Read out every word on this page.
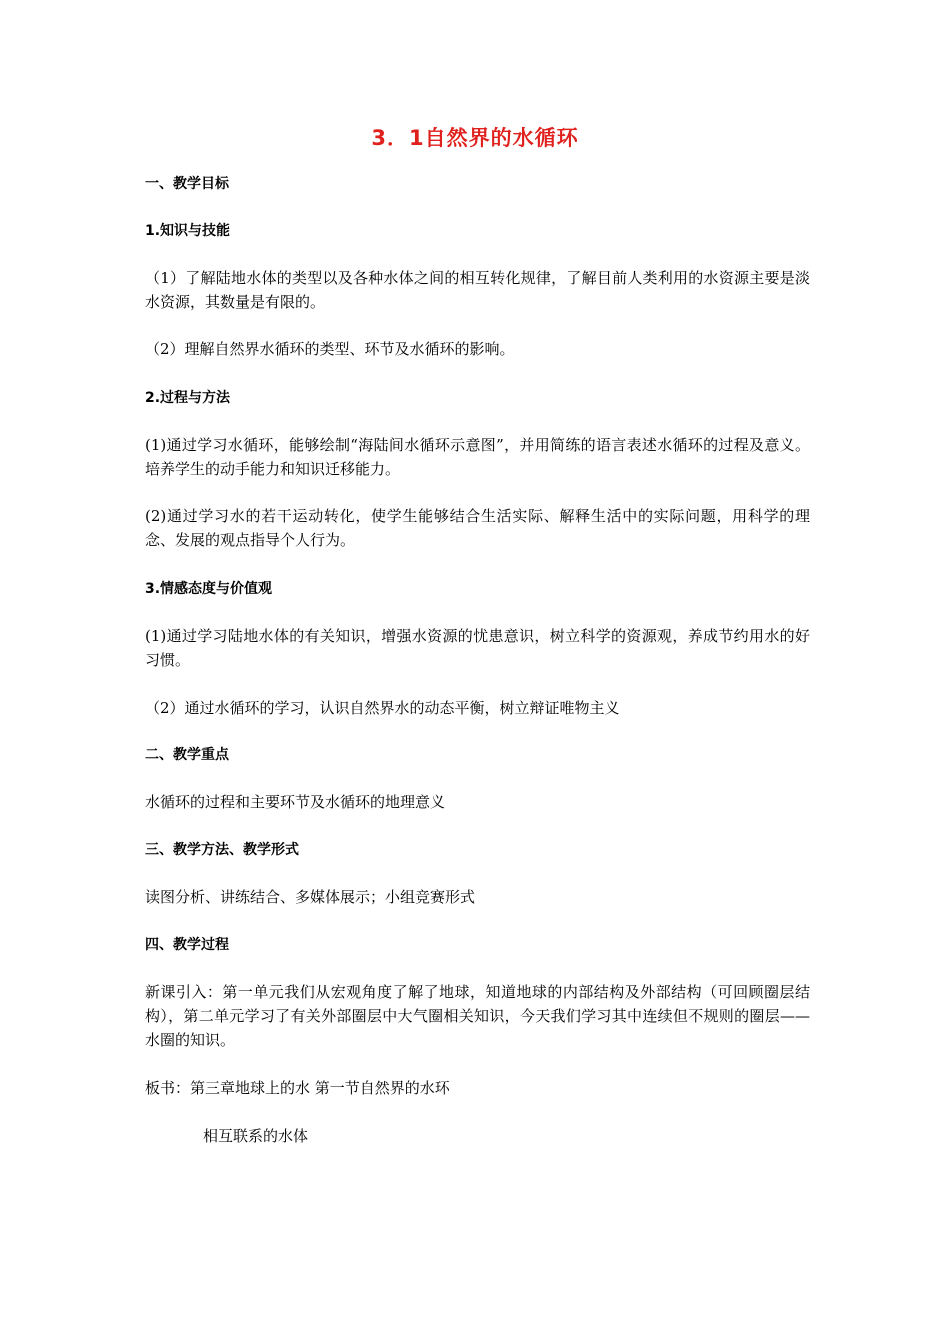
3．1自然界的水循环
一、教学目标
1.知识与技能
（1）了解陆地水体的类型以及各种水体之间的相互转化规律，了解目前人类利用的水资源主要是淡水资源，其数量是有限的。
（2）理解自然界水循环的类型、环节及水循环的影响。
2.过程与方法
(1)通过学习水循环，能够绘制“海陆间水循环示意图”，并用简练的语言表述水循环的过程及意义。培养学生的动手能力和知识迁移能力。
(2)通过学习水的若干运动转化，使学生能够结合生活实际、解释生活中的实际问题，用科学的理念、发展的观点指导个人行为。
3.情感态度与价值观
(1)通过学习陆地水体的有关知识，增强水资源的忧患意识，树立科学的资源观，养成节约用水的好习惯。
（2）通过水循环的学习，认识自然界水的动态平衡，树立辩证唯物主义
二、教学重点
水循环的过程和主要环节及水循环的地理意义
三、教学方法、教学形式
读图分析、讲练结合、多媒体展示；小组竞赛形式
四、教学过程
新课引入：第一单元我们从宏观角度了解了地球，知道地球的内部结构及外部结构（可回顾圈层结构），第二单元学习了有关外部圈层中大气圈相关知识，今天我们学习其中连续但不规则的圈层——水圈的知识。
板书：第三章地球上的水 第一节自然界的水环
相互联系的水体
